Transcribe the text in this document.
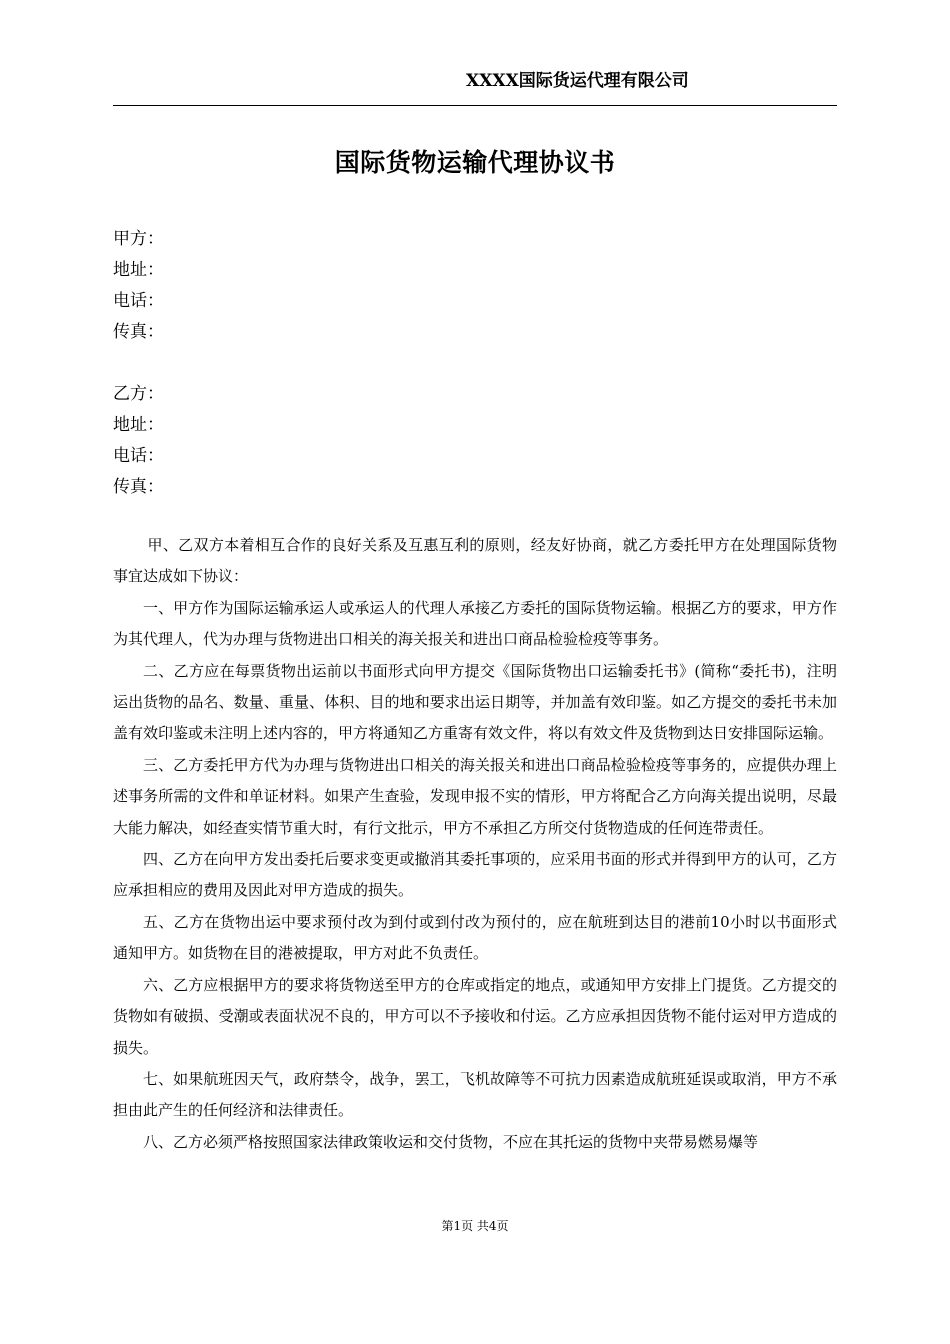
XXXX国际货运代理有限公司
国际货物运输代理协议书
甲方：
地址：
电话：
传真：
乙方：
地址：
电话：
传真：

甲、乙双方本着相互合作的良好关系及互惠互利的原则，经友好协商，就乙方委托甲方在处理国际货物事宜达成如下协议：

一、甲方作为国际运输承运人或承运人的代理人承接乙方委托的国际货物运输。根据乙方的要求，甲方作为其代理人，代为办理与货物进出口相关的海关报关和进出口商品检验检疫等事务。

二、乙方应在每票货物出运前以书面形式向甲方提交《国际货物出口运输委托书》(简称“委托书)，注明运出货物的品名、数量、重量、体积、目的地和要求出运日期等，并加盖有效印鉴。如乙方提交的委托书未加盖有效印鉴或未注明上述内容的，甲方将通知乙方重寄有效文件，将以有效文件及货物到达日安排国际运输。

三、乙方委托甲方代为办理与货物进出口相关的海关报关和进出口商品检验检疫等事务的，应提供办理上述事务所需的文件和单证材料。如果产生查验，发现申报不实的情形，甲方将配合乙方向海关提出说明，尽最大能力解决，如经查实情节重大时，有行文批示，甲方不承担乙方所交付货物造成的任何连带责任。

四、乙方在向甲方发出委托后要求变更或撤消其委托事项的，应采用书面的形式并得到甲方的认可，乙方应承担相应的费用及因此对甲方造成的损失。

五、乙方在货物出运中要求预付改为到付或到付改为预付的，应在航班到达目的港前10小时以书面形式通知甲方。如货物在目的港被提取，甲方对此不负责任。

六、乙方应根据甲方的要求将货物送至甲方的仓库或指定的地点，或通知甲方安排上门提货。乙方提交的货物如有破损、受潮或表面状况不良的，甲方可以不予接收和付运。乙方应承担因货物不能付运对甲方造成的损失。

七、如果航班因天气，政府禁令，战争，罢工，飞机故障等不可抗力因素造成航班延误或取消，甲方不承担由此产生的任何经济和法律责任。

八、乙方必须严格按照国家法律政策收运和交付货物，不应在其托运的货物中夹带易燃易爆等

第1页 共4页
